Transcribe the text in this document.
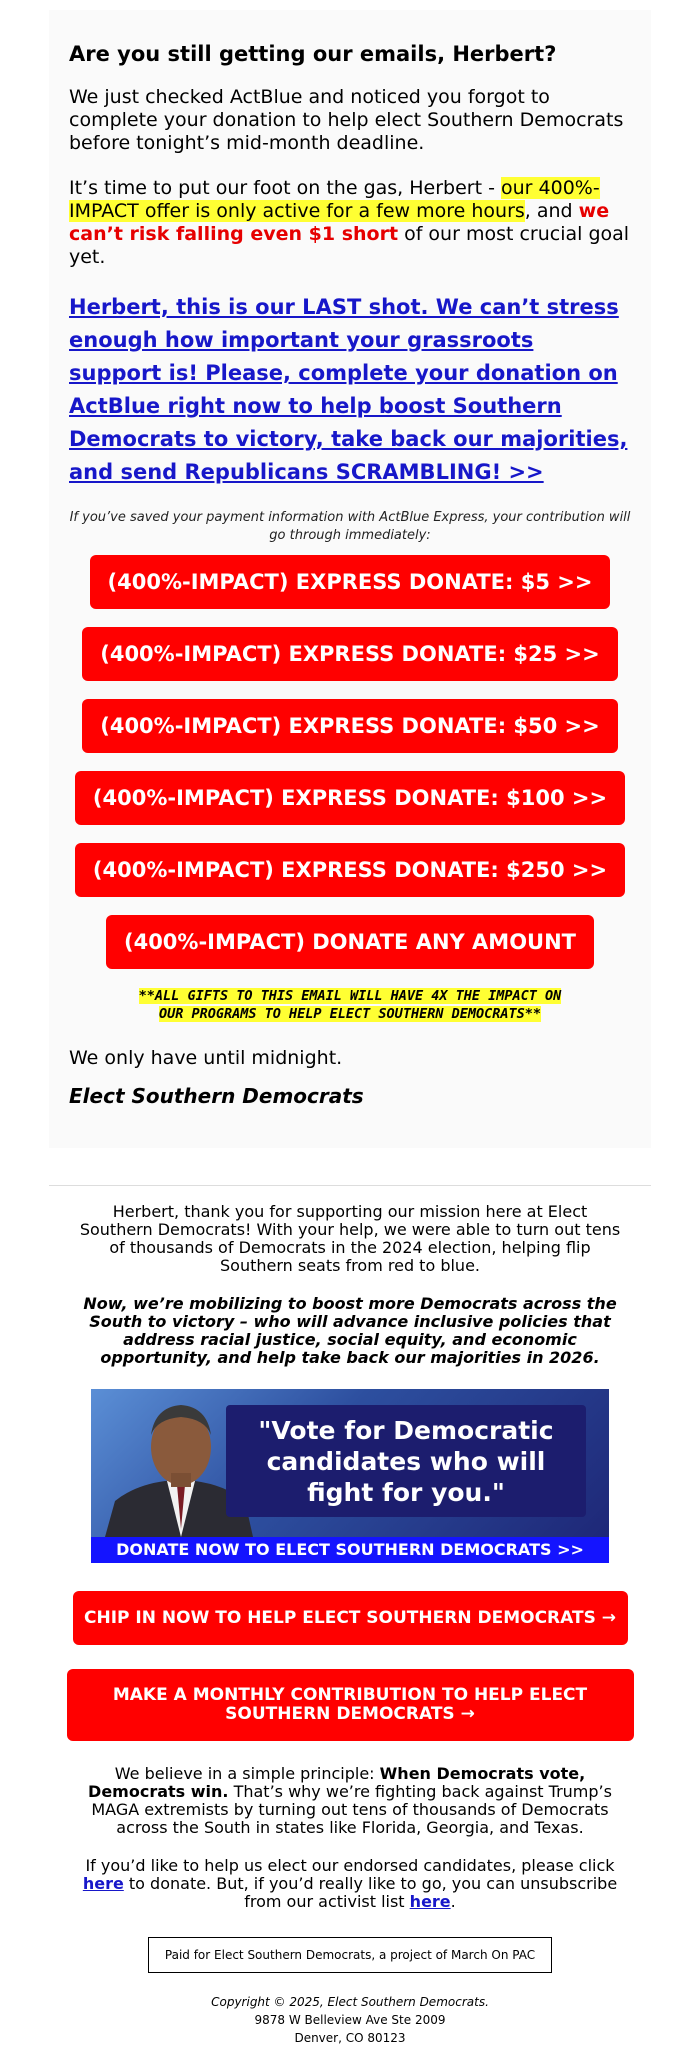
Are you still getting our emails, Herbert?

We just checked ActBlue and noticed you forgot to complete your donation to help elect Southern Democrats before tonight’s mid-month deadline.

It’s time to put our foot on the gas, Herbert - our 400%-IMPACT offer is only active for a few more hours, and we can’t risk falling even $1 short of our most crucial goal yet.

Herbert, this is our LAST shot. We can’t stress enough how important your grassroots support is! Please, complete your donation on ActBlue right now to help boost Southern Democrats to victory, take back our majorities, and send Republicans SCRAMBLING! >>

If you’ve saved your payment information with ActBlue Express, your contribution will go through immediately:

(400%-IMPACT) EXPRESS DONATE: $5 >>
(400%-IMPACT) EXPRESS DONATE: $25 >>
(400%-IMPACT) EXPRESS DONATE: $50 >>
(400%-IMPACT) EXPRESS DONATE: $100 >>
(400%-IMPACT) EXPRESS DONATE: $250 >>
(400%-IMPACT) DONATE ANY AMOUNT

**ALL GIFTS TO THIS EMAIL WILL HAVE 4X THE IMPACT ON
OUR PROGRAMS TO HELP ELECT SOUTHERN DEMOCRATS**

We only have until midnight.

Elect Southern Democrats

Herbert, thank you for supporting our mission here at Elect Southern Democrats! With your help, we were able to turn out tens of thousands of Democrats in the 2024 election, helping flip Southern seats from red to blue.

Now, we’re mobilizing to boost more Democrats across the South to victory – who will advance inclusive policies that address racial justice, social equity, and economic opportunity, and help take back our majorities in 2026.

"Vote for Democratic candidates who will fight for you."
DONATE NOW TO ELECT SOUTHERN DEMOCRATS >>
CHIP IN NOW TO HELP ELECT SOUTHERN DEMOCRATS →
MAKE A MONTHLY CONTRIBUTION TO HELP ELECT SOUTHERN DEMOCRATS →

We believe in a simple principle: When Democrats vote, Democrats win. That’s why we’re fighting back against Trump’s MAGA extremists by turning out tens of thousands of Democrats across the South in states like Florida, Georgia, and Texas.

If you’d like to help us elect our endorsed candidates, please click here to donate. But, if you’d really like to go, you can unsubscribe from our activist list here.

Paid for Elect Southern Democrats, a project of March On PAC
Copyright © 2025, Elect Southern Democrats.
9878 W Belleview Ave Ste 2009
Denver, CO 80123
